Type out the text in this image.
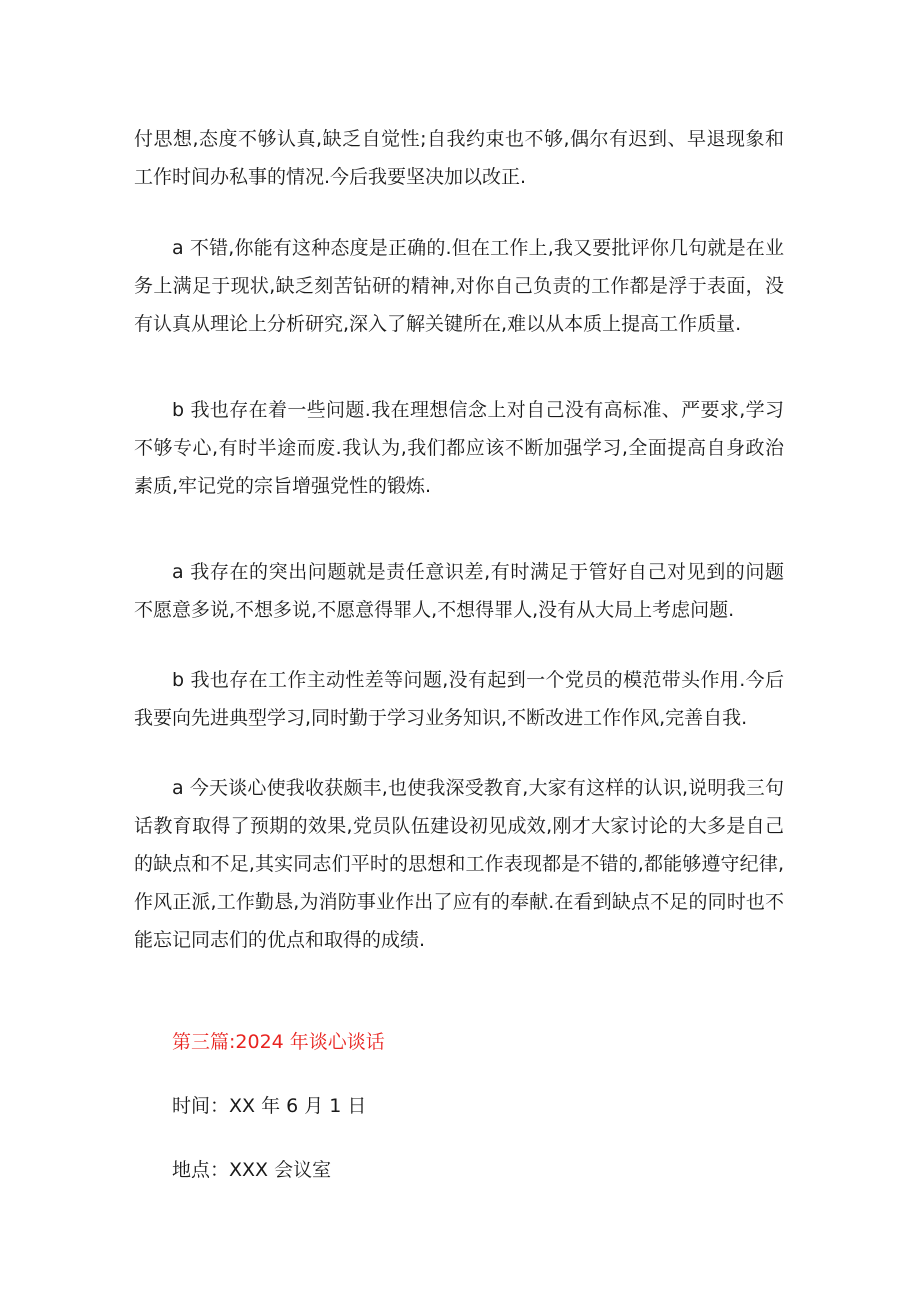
付思想,态度不够认真,缺乏自觉性;自我约束也不够,偶尔有迟到、早退现象和工作时间办私事的情况.今后我要坚决加以改正.

a 不错,你能有这种态度是正确的.但在工作上,我又要批评你几句就是在业务上满足于现状,缺乏刻苦钻研的精神,对你自己负责的工作都是浮于表面，没有认真从理论上分析研究,深入了解关键所在,难以从本质上提高工作质量.

b 我也存在着一些问题.我在理想信念上对自己没有高标准、严要求,学习不够专心,有时半途而废.我认为,我们都应该不断加强学习,全面提高自身政治素质,牢记党的宗旨增强党性的锻炼.

a 我存在的突出问题就是责任意识差,有时满足于管好自己对见到的问题不愿意多说,不想多说,不愿意得罪人,不想得罪人,没有从大局上考虑问题.

b 我也存在工作主动性差等问题,没有起到一个党员的模范带头作用.今后我要向先进典型学习,同时勤于学习业务知识,不断改进工作作风,完善自我.

a 今天谈心使我收获颇丰,也使我深受教育,大家有这样的认识,说明我三句话教育取得了预期的效果,党员队伍建设初见成效,刚才大家讨论的大多是自己的缺点和不足,其实同志们平时的思想和工作表现都是不错的,都能够遵守纪律,作风正派,工作勤恳,为消防事业作出了应有的奉献.在看到缺点不足的同时也不能忘记同志们的优点和取得的成绩.

第三篇:2024 年谈心谈话

时间：XX 年 6 月 1 日

地点：XXX 会议室
